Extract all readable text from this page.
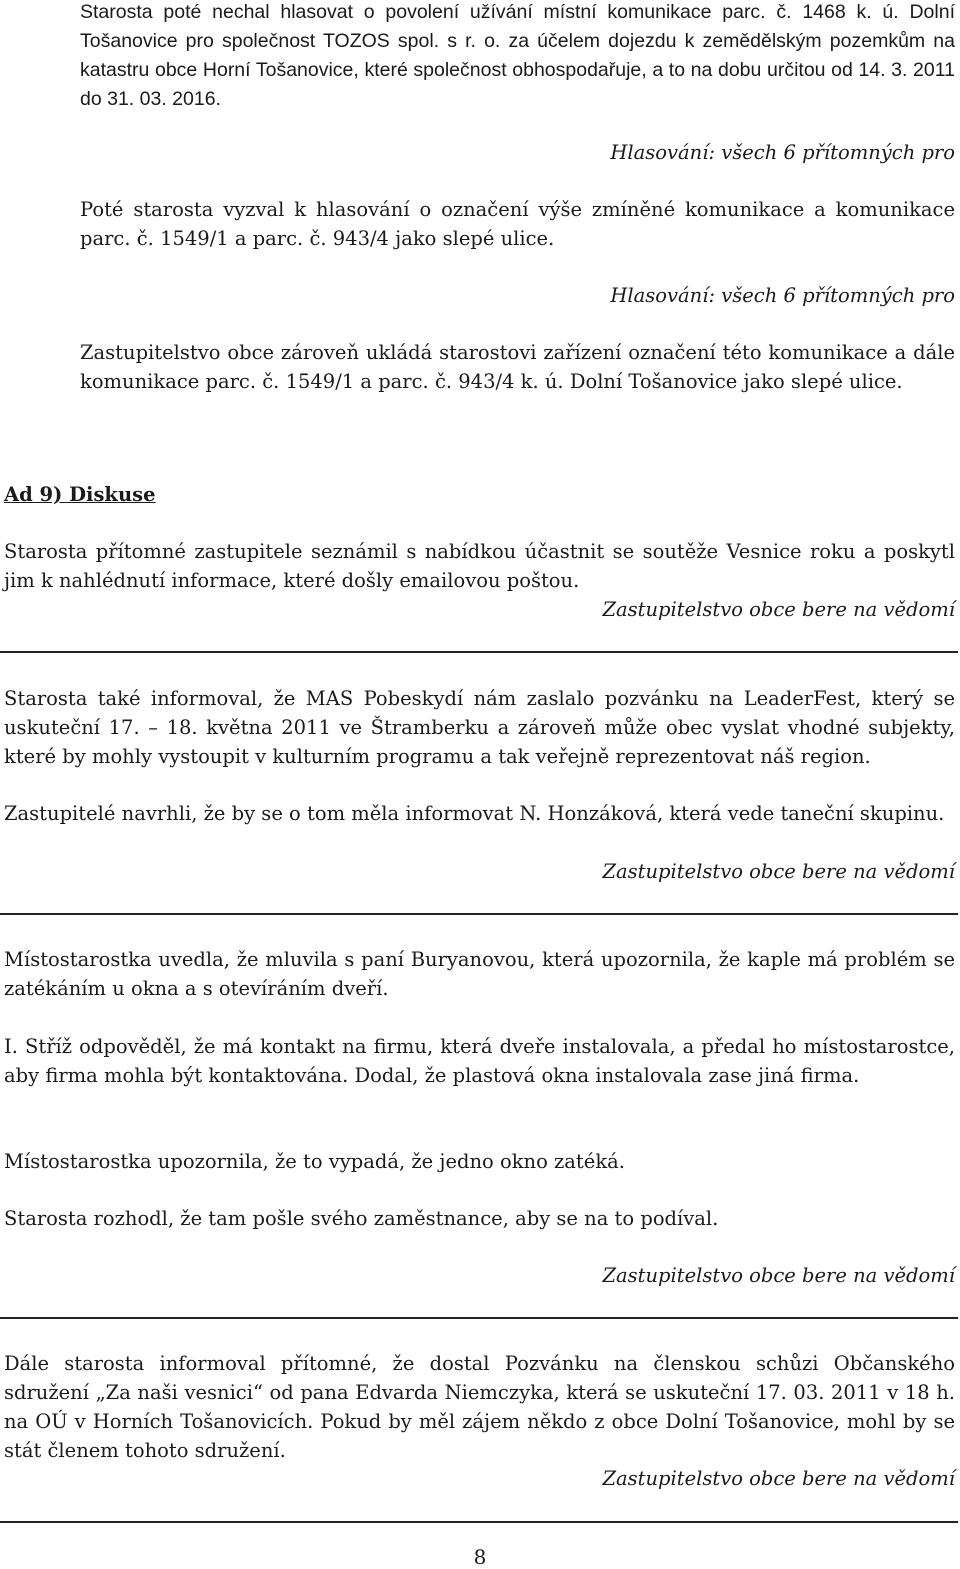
Starosta poté nechal hlasovat o povolení užívání místní komunikace parc. č. 1468 k. ú. Dolní Tošanovice pro společnost TOZOS spol. s r. o. za účelem dojezdu k zemědělským pozemkům na katastru obce Horní Tošanovice, které společnost obhospodařuje, a to na dobu určitou od 14. 3. 2011 do 31. 03. 2016.

Hlasování: všech 6 přítomných pro

Poté starosta vyzval k hlasování o označení výše zmíněné komunikace a komunikace parc. č. 1549/1 a parc. č. 943/4 jako slepé ulice.

Hlasování: všech 6 přítomných pro

Zastupitelstvo obce zároveň ukládá starostovi zařízení označení této komunikace a dále komunikace parc. č. 1549/1 a parc. č. 943/4 k. ú. Dolní Tošanovice jako slepé ulice.

Ad 9) Diskuse

Starosta přítomné zastupitele seznámil s nabídkou účastnit se soutěže Vesnice roku a poskytl jim k nahlédnutí informace, které došly emailovou poštou.

Zastupitelstvo obce bere na vědomí

Starosta také informoval, že MAS Pobeskydí nám zaslalo pozvánku na LeaderFest, který se uskuteční 17. – 18. května 2011 ve Štramberku a zároveň může obec vyslat vhodné subjekty, které by mohly vystoupit v kulturním programu a tak veřejně reprezentovat náš region.

Zastupitelé navrhli, že by se o tom měla informovat N. Honzáková, která vede taneční skupinu.

Zastupitelstvo obce bere na vědomí

Místostarostka uvedla, že mluvila s paní Buryanovou, která upozornila, že kaple má problém se zatékáním u okna a s otevíráním dveří.

I. Stříž odpověděl, že má kontakt na firmu, která dveře instalovala, a předal ho místostarostce, aby firma mohla být kontaktována. Dodal, že plastová okna instalovala zase jiná firma.

Místostarostka upozornila, že to vypadá, že jedno okno zatéká.

Starosta rozhodl, že tam pošle svého zaměstnance, aby se na to podíval.

Zastupitelstvo obce bere na vědomí

Dále starosta informoval přítomné, že dostal Pozvánku na členskou schůzi Občanského sdružení „Za naši vesnici“ od pana Edvarda Niemczyka, která se uskuteční 17. 03. 2011 v 18 h. na OÚ v Horních Tošanovicích. Pokud by měl zájem někdo z obce Dolní Tošanovice, mohl by se stát členem tohoto sdružení.

Zastupitelstvo obce bere na vědomí

8
